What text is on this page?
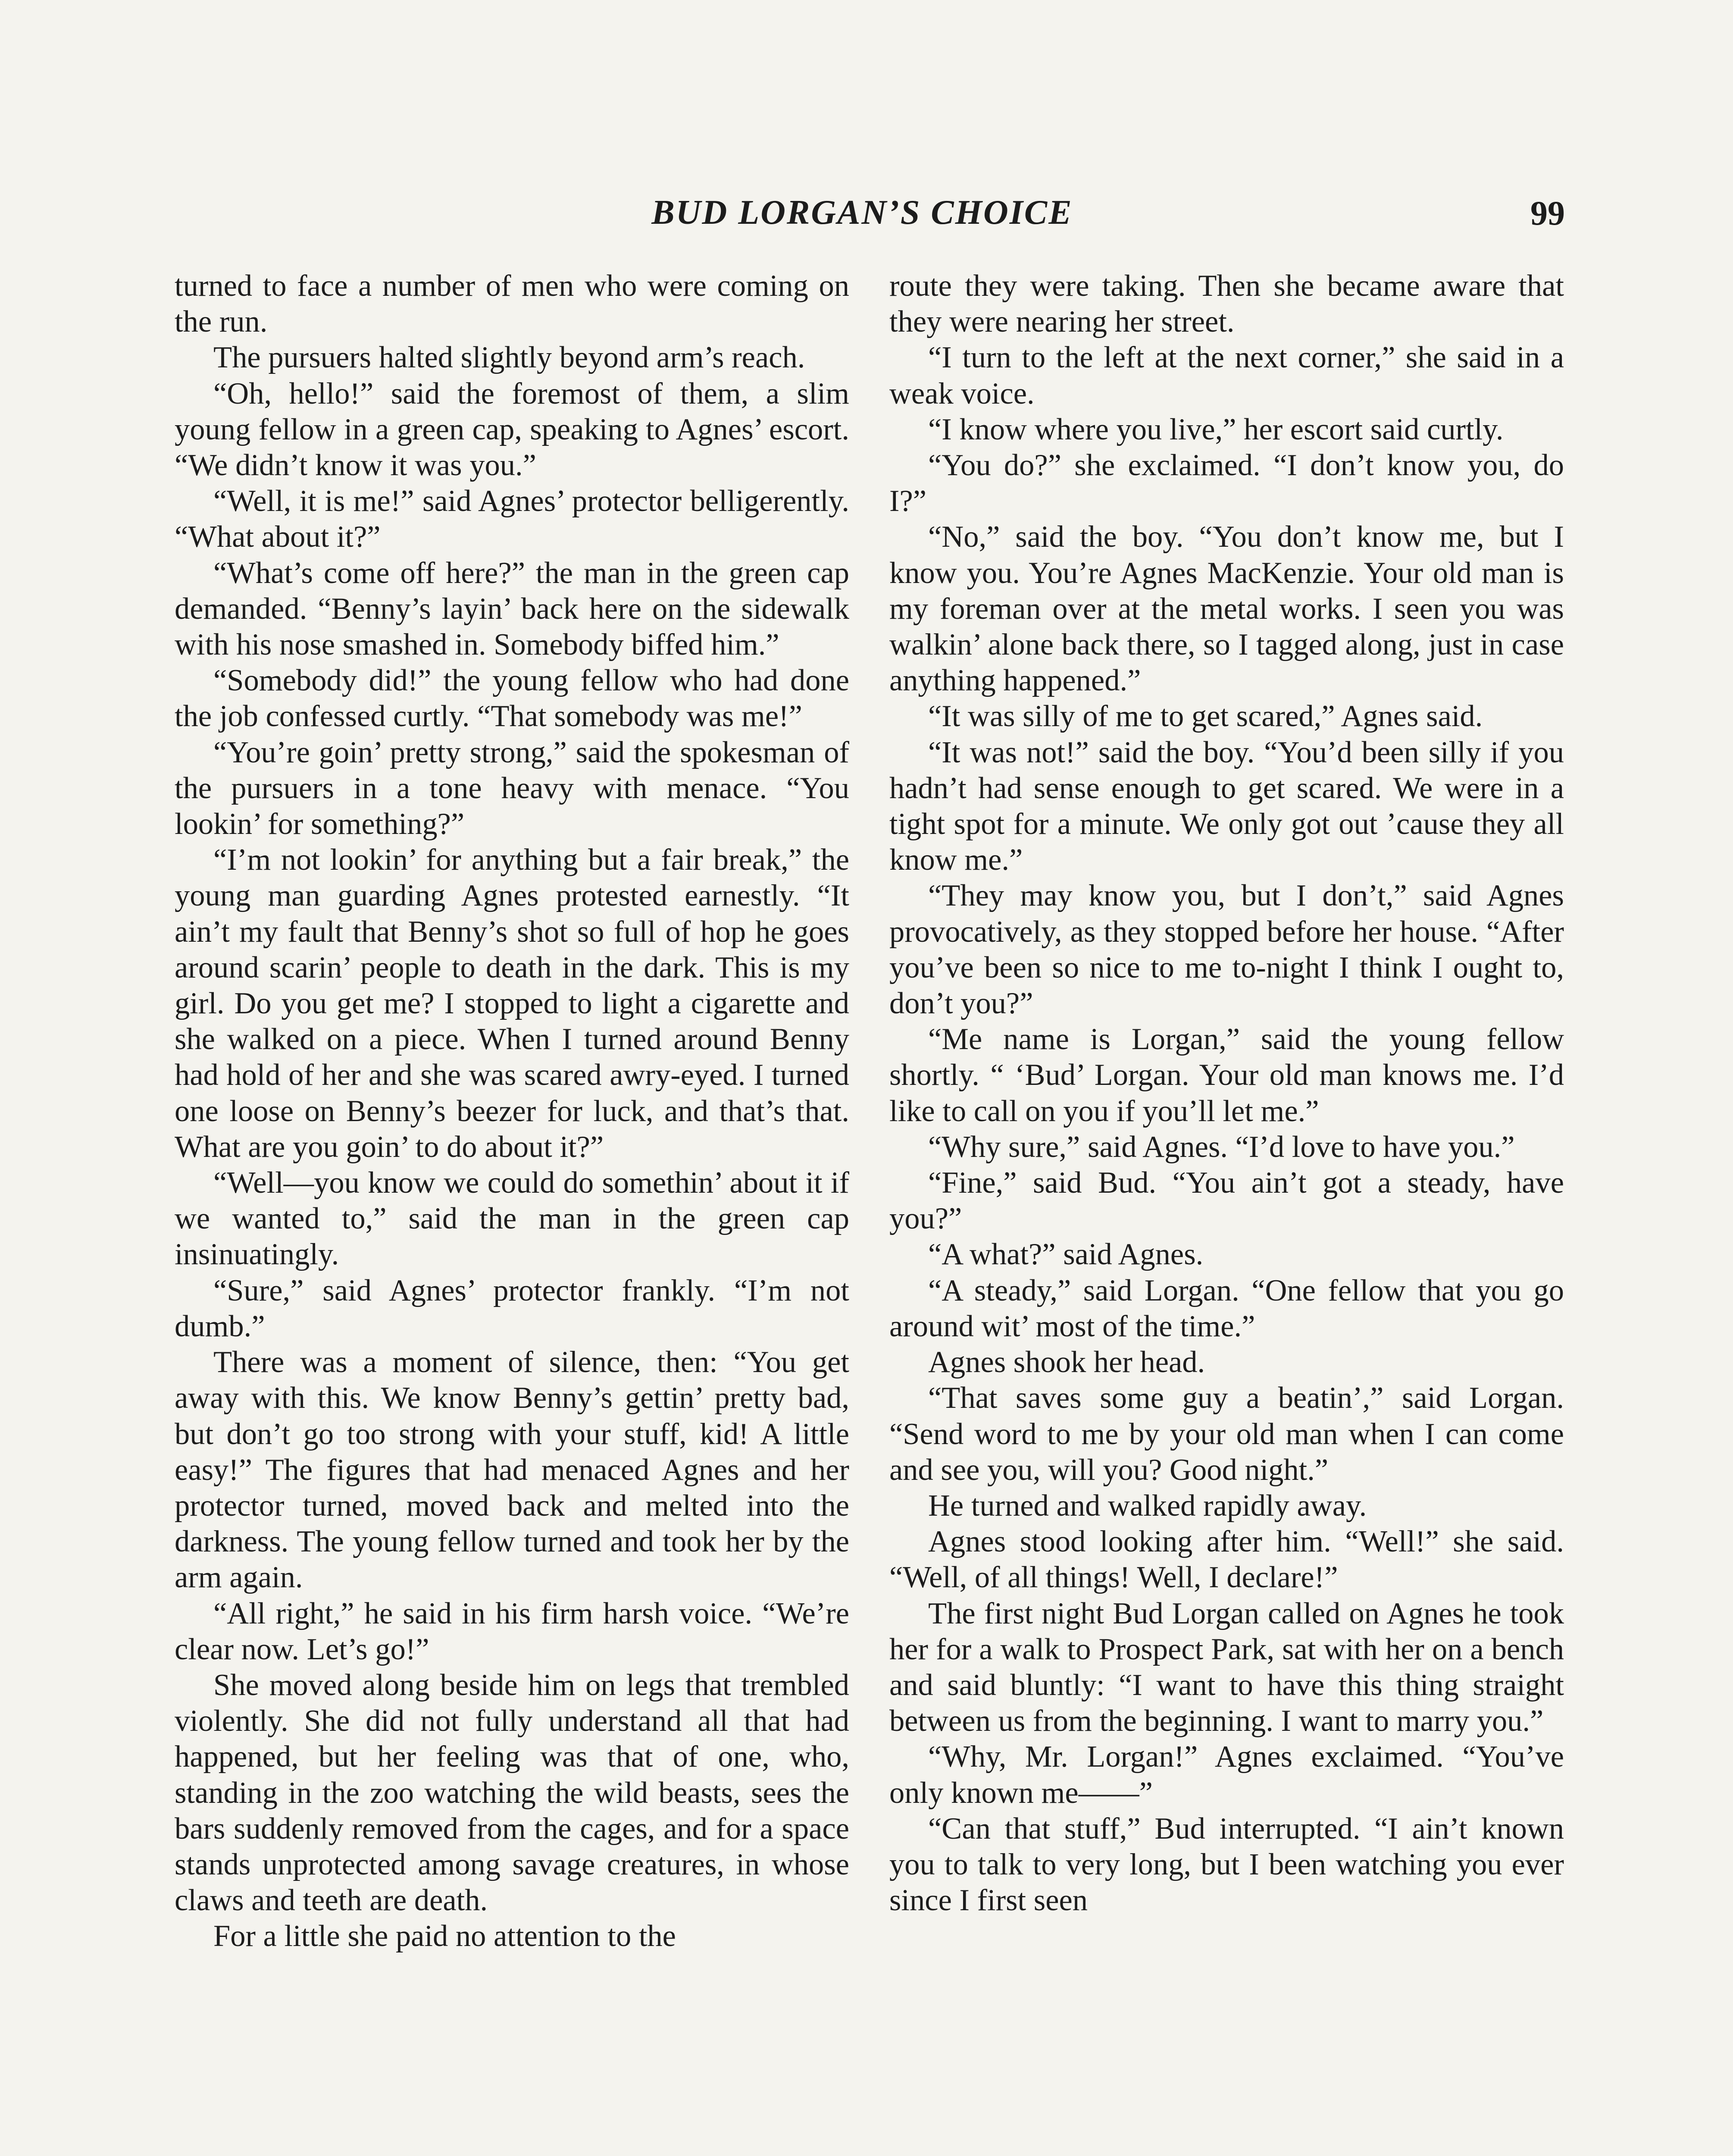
BUD LORGAN’S CHOICE	99

turned to face a number of men who were coming on the run.

The pursuers halted slightly beyond arm’s reach.

“Oh, hello!” said the foremost of them, a slim young fellow in a green cap, speaking to Agnes’ escort. “We didn’t know it was you.”

“Well, it is me!” said Agnes’ protector belligerently. “What about it?”

“What’s come off here?” the man in the green cap demanded. “Benny’s layin’ back here on the sidewalk with his nose smashed in. Somebody biffed him.”

“Somebody did!” the young fellow who had done the job confessed curtly. “That somebody was me!”

“You’re goin’ pretty strong,” said the spokesman of the pursuers in a tone heavy with menace. “You lookin’ for something?”

“I’m not lookin’ for anything but a fair break,” the young man guarding Agnes protested earnestly. “It ain’t my fault that Benny’s shot so full of hop he goes around scarin’ people to death in the dark. This is my girl. Do you get me? I stopped to light a cigarette and she walked on a piece. When I turned around Benny had hold of her and she was scared awry-eyed. I turned one loose on Benny’s beezer for luck, and that’s that. What are you goin’ to do about it?”

“Well—you know we could do somethin’ about it if we wanted to,” said the man in the green cap insinuatingly.

“Sure,” said Agnes’ protector frankly. “I’m not dumb.”

There was a moment of silence, then: “You get away with this. We know Benny’s gettin’ pretty bad, but don’t go too strong with your stuff, kid! A little easy!” The figures that had menaced Agnes and her protector turned, moved back and melted into the darkness. The young fellow turned and took her by the arm again.

“All right,” he said in his firm harsh voice. “We’re clear now. Let’s go!”

She moved along beside him on legs that trembled violently. She did not fully understand all that had happened, but her feeling was that of one, who, standing in the zoo watching the wild beasts, sees the bars suddenly removed from the cages, and for a space stands unprotected among savage creatures, in whose claws and teeth are death.

For a little she paid no attention to the

route they were taking. Then she became aware that they were nearing her street.

“I turn to the left at the next corner,” she said in a weak voice.

“I know where you live,” her escort said curtly.

“You do?” she exclaimed. “I don’t know you, do I?”

“No,” said the boy. “You don’t know me, but I know you. You’re Agnes MacKenzie. Your old man is my foreman over at the metal works. I seen you was walkin’ alone back there, so I tagged along, just in case anything happened.”

“It was silly of me to get scared,” Agnes said.

“It was not!” said the boy. “You’d been silly if you hadn’t had sense enough to get scared. We were in a tight spot for a minute. We only got out ’cause they all know me.”

“They may know you, but I don’t,” said Agnes provocatively, as they stopped before her house. “After you’ve been so nice to me to-night I think I ought to, don’t you?”

“Me name is Lorgan,” said the young fellow shortly. “ ‘Bud’ Lorgan. Your old man knows me. I’d like to call on you if you’ll let me.”

“Why sure,” said Agnes. “I’d love to have you.”

“Fine,” said Bud. “You ain’t got a steady, have you?”

“A what?” said Agnes.

“A steady,” said Lorgan. “One fellow that you go around wit’ most of the time.”

Agnes shook her head.

“That saves some guy a beatin’,” said Lorgan. “Send word to me by your old man when I can come and see you, will you? Good night.”

He turned and walked rapidly away.

Agnes stood looking after him. “Well!” she said. “Well, of all things! Well, I declare!”

The first night Bud Lorgan called on Agnes he took her for a walk to Prospect Park, sat with her on a bench and said bluntly: “I want to have this thing straight between us from the beginning. I want to marry you.”

“Why, Mr. Lorgan!” Agnes exclaimed. “You’ve only known me——”

“Can that stuff,” Bud interrupted. “I ain’t known you to talk to very long, but I been watching you ever since I first seen
